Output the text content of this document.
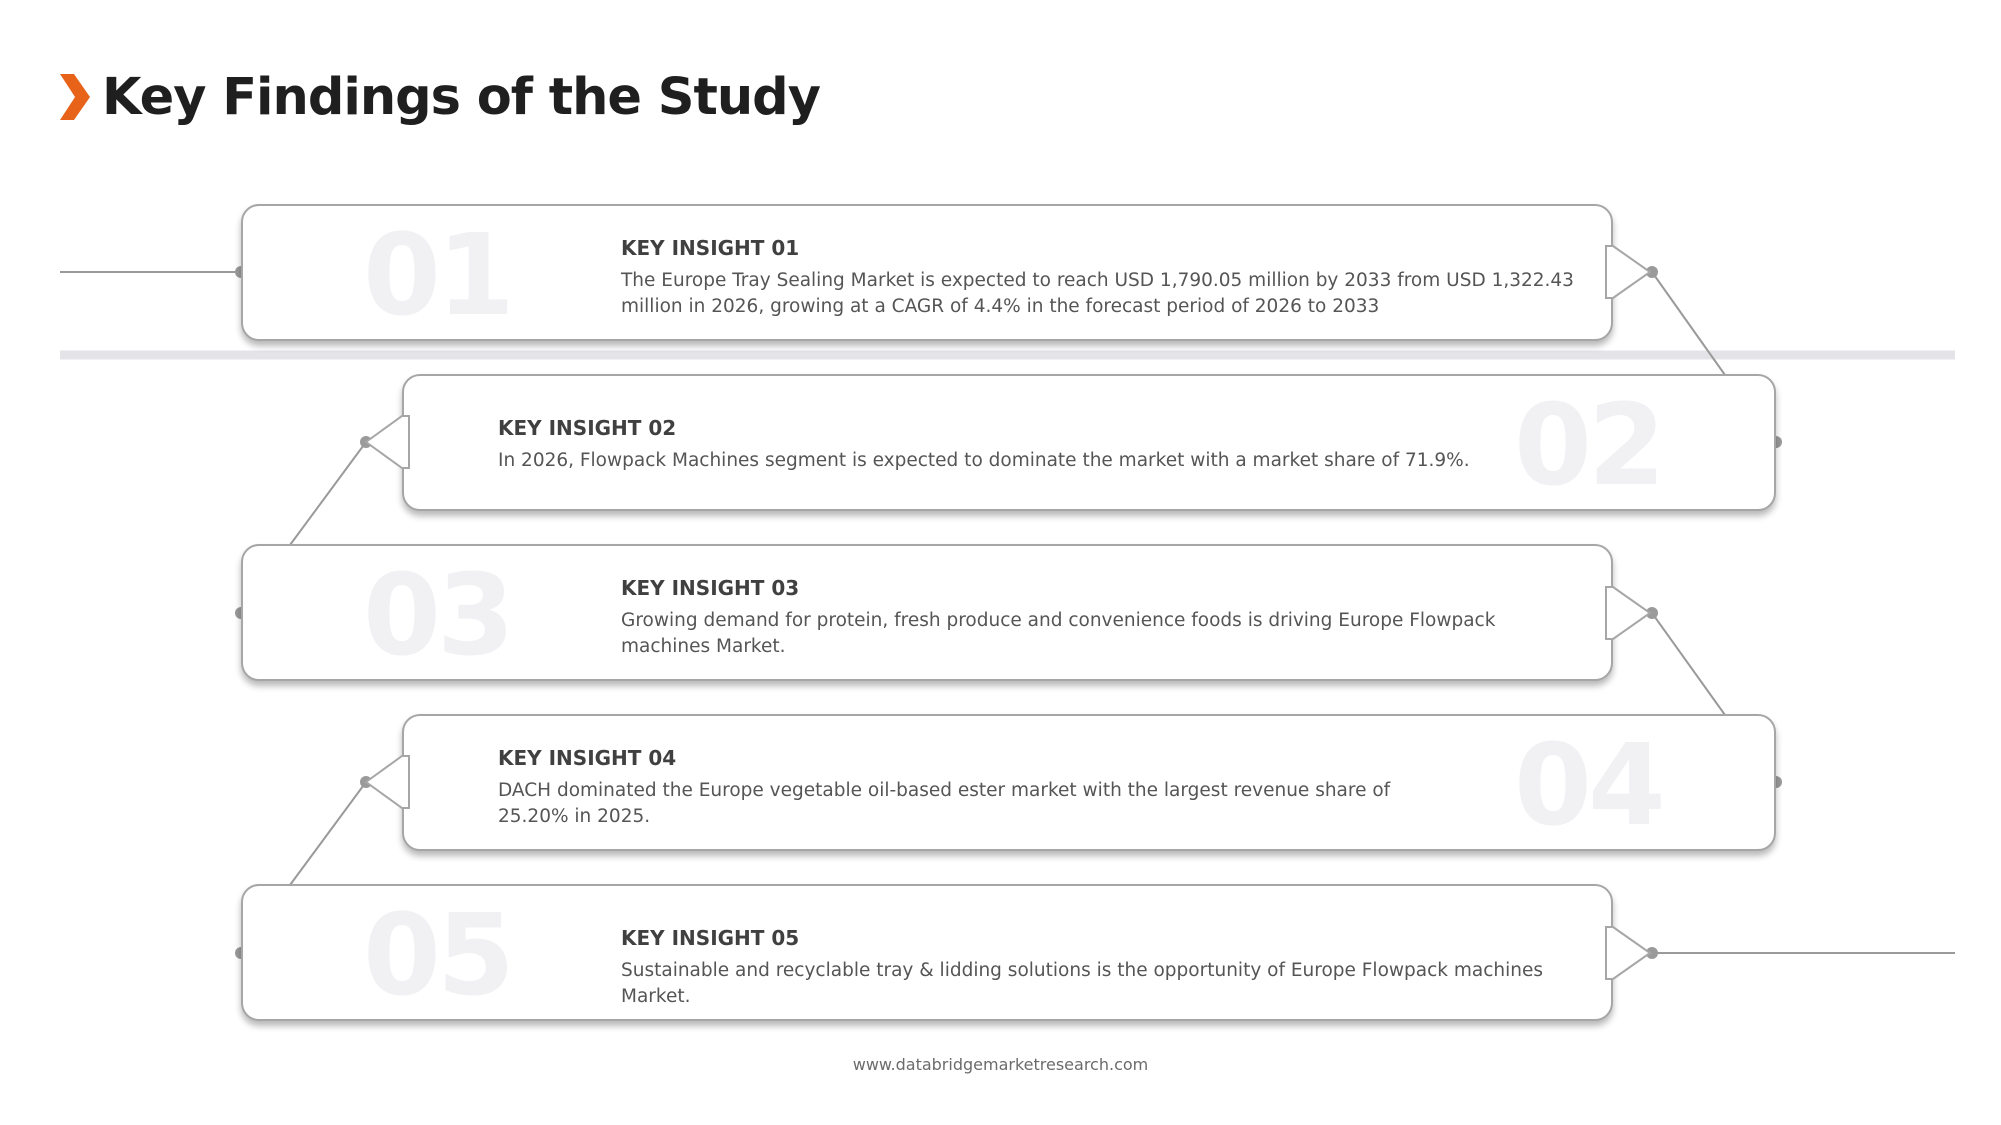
Key Findings of the Study
01	KEY INSIGHT 01
The Europe Tray Sealing Market is expected to reach USD 1,790.05 million by 2033 from USD 1,322.43 million in 2026, growing at a CAGR of 4.4% in the forecast period of 2026 to 2033
02
KEY INSIGHT 02
In 2026, Flowpack Machines segment is expected to dominate the market with a market share of 71.9%.
03	KEY INSIGHT 03
Growing demand for protein, fresh produce and convenience foods is driving Europe Flowpack machines Market.
04
KEY INSIGHT 04
DACH dominated the Europe vegetable oil-based ester market with the largest revenue share of 25.20% in 2025.
05	KEY INSIGHT 05
Sustainable and recyclable tray & lidding solutions is the opportunity of Europe Flowpack machines Market.
www.databridgemarketresearch.com
